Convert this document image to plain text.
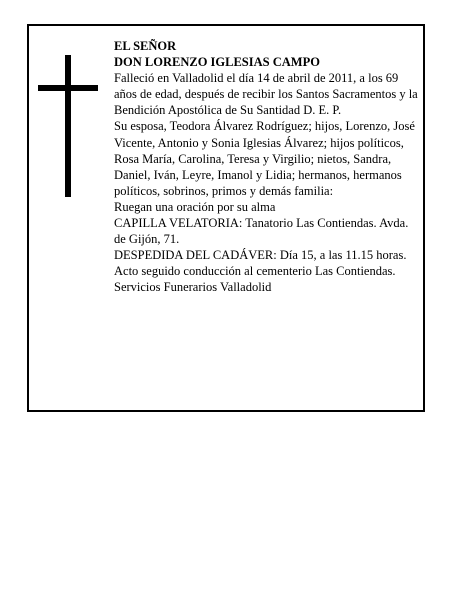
EL SEÑOR

DON LORENZO IGLESIAS CAMPO

Falleció en Valladolid el día 14 de abril de 2011, a los 69 años de edad, después de recibir los Santos Sacramentos y la Bendición Apostólica de Su Santidad D. E. P.

Su esposa, Teodora Álvarez Rodríguez; hijos, Lorenzo, José Vicente, Antonio y Sonia Iglesias Álvarez; hijos políticos, Rosa María, Carolina, Teresa y Virgilio; nietos, Sandra, Daniel, Iván, Leyre, Imanol y Lidia; hermanos, hermanos políticos, sobrinos, primos y demás familia:

Ruegan una oración por su alma

CAPILLA VELATORIA: Tanatorio Las Contiendas. Avda. de Gijón, 71.

DESPEDIDA DEL CADÁVER: Día 15, a las 11.15 horas. Acto seguido conducción al cementerio Las Contiendas.

Servicios Funerarios Valladolid
